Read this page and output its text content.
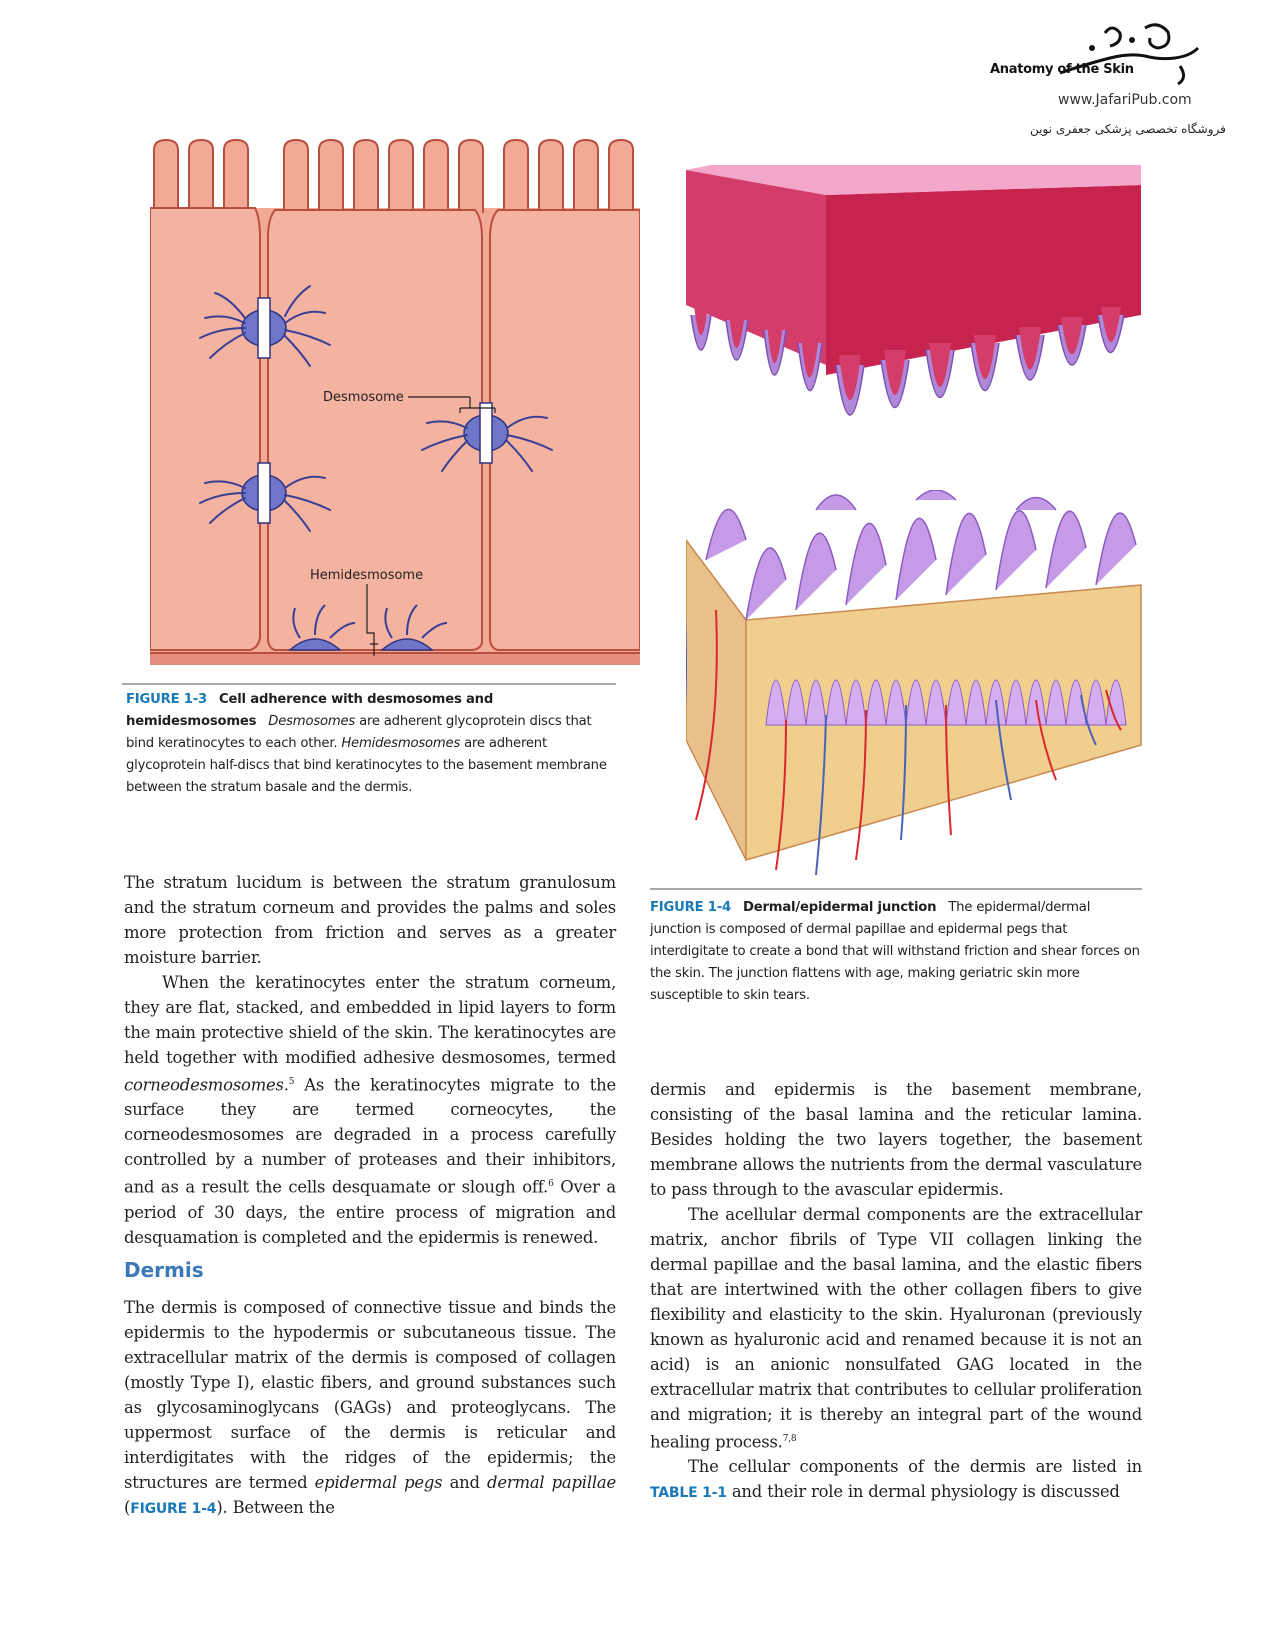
Anatomy of the Skin
www.JafariPub.com
فروشگاه تخصصی پزشکی جعفری نوین
Desmosome
Hemidesmosome
FIGURE 1-3 Cell adherence with desmosomes and hemidesmosomes Desmosomes are adherent glycoprotein discs that bind keratinocytes to each other. Hemidesmosomes are adherent glycoprotein half-discs that bind keratinocytes to the basement membrane between the stratum basale and the dermis.
FIGURE 1-4 Dermal/epidermal junction The epidermal/dermal junction is composed of dermal papillae and epidermal pegs that interdigitate to create a bond that will withstand friction and shear forces on the skin. The junction flattens with age, making geriatric skin more susceptible to skin tears.

The stratum lucidum is between the stratum granulosum and the stratum corneum and provides the palms and soles more protection from friction and serves as a greater moisture barrier.

When the keratinocytes enter the stratum corneum, they are flat, stacked, and embedded in lipid layers to form the main protective shield of the skin. The keratinocytes are held together with modified adhesive desmosomes, termed corneodesmosomes.$^5$ As the keratinocytes migrate to the surface they are termed corneocytes, the corneodesmosomes are degraded in a process carefully controlled by a number of proteases and their inhibitors, and as a result the cells desquamate or slough off.$^6$ Over a period of 30 days, the entire process of migration and desquamation is completed and the epidermis is renewed.

Dermis

The dermis is composed of connective tissue and binds the epidermis to the hypodermis or subcutaneous tissue. The extracellular matrix of the dermis is composed of collagen (mostly Type I), elastic fibers, and ground substances such as glycosaminoglycans (GAGs) and proteoglycans. The uppermost surface of the dermis is reticular and interdigitates with the ridges of the epidermis; the structures are termed epidermal pegs and dermal papillae (FIGURE 1-4). Between the

dermis and epidermis is the basement membrane, consisting of the basal lamina and the reticular lamina. Besides holding the two layers together, the basement membrane allows the nutrients from the dermal vasculature to pass through to the avascular epidermis.

The acellular dermal components are the extracellular matrix, anchor fibrils of Type VII collagen linking the dermal papillae and the basal lamina, and the elastic fibers that are intertwined with the other collagen fibers to give flexibility and elasticity to the skin. Hyaluronan (previously known as hyaluronic acid and renamed because it is not an acid) is an anionic nonsulfated GAG located in the extracellular matrix that contributes to cellular proliferation and migration; it is thereby an integral part of the wound healing process.$^{7,8}$

The cellular components of the dermis are listed in TABLE 1-1 and their role in dermal physiology is discussed
